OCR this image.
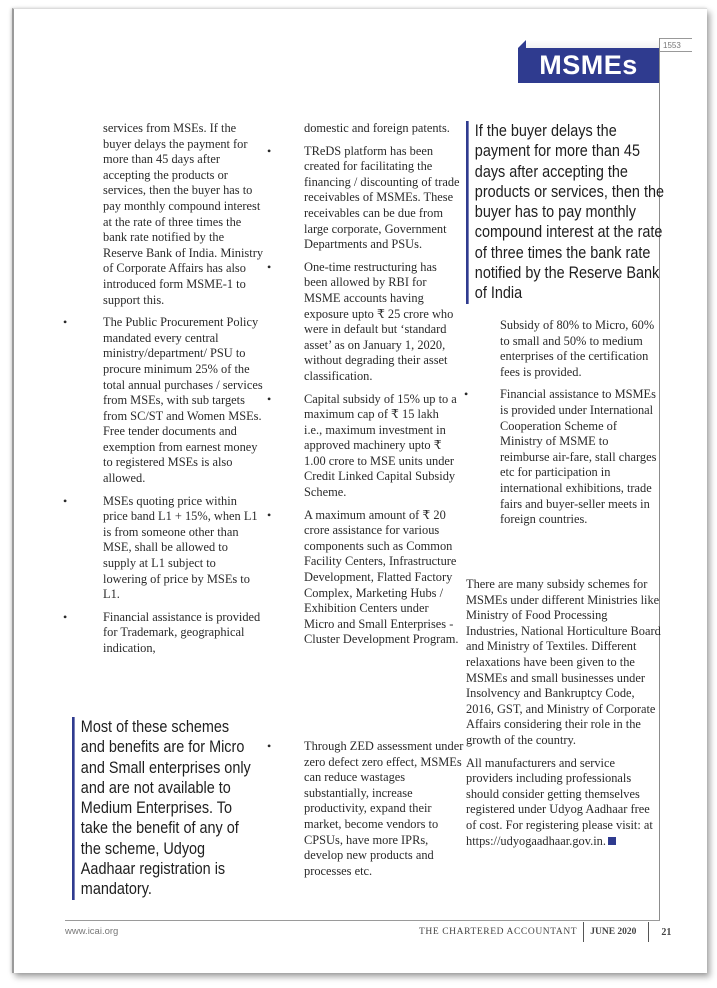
1553
MSMEs

services from MSEs. If the buyer delays the payment for more than 45 days after accepting the products or services, then the buyer has to pay monthly compound interest at the rate of three times the bank rate notified by the Reserve Bank of India. Ministry of Corporate Affairs has also introduced form MSME-1 to support this.

•	The Public Procurement Policy mandated every central ministry/department/ PSU to procure minimum 25% of the total annual purchases / services from MSEs, with sub targets from SC/ST and Women MSEs. Free tender documents and exemption from earnest money to registered MSEs is also allowed.
•	MSEs quoting price within price band L1 + 15%, when L1 is from someone other than MSE, shall be allowed to supply at L1 subject to lowering of price by MSEs to L1.
•	Financial assistance is provided for Trademark, geographical indication,
Most of these schemes and benefits are for Micro and Small enterprises only and are not available to Medium Enterprises. To take the benefit of any of the scheme, Udyog Aadhaar registration is mandatory.

domestic and foreign patents.

•	TReDS platform has been created for facilitating the financing / discounting of trade receivables of MSMEs. These receivables can be due from large corporate, Government Departments and PSUs.
•	One-time restructuring has been allowed by RBI for MSME accounts having exposure upto ₹ 25 crore who were in default but ‘standard asset’ as on January 1, 2020, without degrading their asset classification.
•	Capital subsidy of 15% up to a maximum cap of ₹ 15 lakh i.e., maximum investment in approved machinery upto ₹ 1.00 crore to MSE units under Credit Linked Capital Subsidy Scheme.
•	A maximum amount of ₹ 20 crore assistance for various components such as Common Facility Centers, Infrastructure Development, Flatted Factory Complex, Marketing Hubs / Exhibition Centers under Micro and Small Enterprises - Cluster Development Program.
•	Through ZED assessment under zero defect zero effect, MSMEs can reduce wastages substantially, increase productivity, expand their market, become vendors to CPSUs, have more IPRs, develop new products and processes etc.
If the buyer delays the payment for more than 45 days after accepting the products or services, then the buyer has to pay monthly compound interest at the rate of three times the bank rate notified by the Reserve Bank of India

Subsidy of 80% to Micro, 60% to small and 50% to medium enterprises of the certification fees is provided.

•	Financial assistance to MSMEs is provided under International Cooperation Scheme of Ministry of MSME to reimburse air-fare, stall charges etc for participation in international exhibitions, trade fairs and buyer-seller meets in foreign countries.

There are many subsidy schemes for MSMEs under different Ministries like Ministry of Food Processing Industries, National Horticulture Board and Ministry of Textiles. Different relaxations have been given to the MSMEs and small businesses under Insolvency and Bankruptcy Code, 2016, GST, and Ministry of Corporate Affairs considering their role in the growth of the country.

All manufacturers and service providers including professionals should consider getting themselves registered under Udyog Aadhaar free of cost. For registering please visit: at https://udyogaadhaar.gov.in.

www.icai.org	THE CHARTERED ACCOUNTANT	JUNE 2020	21
